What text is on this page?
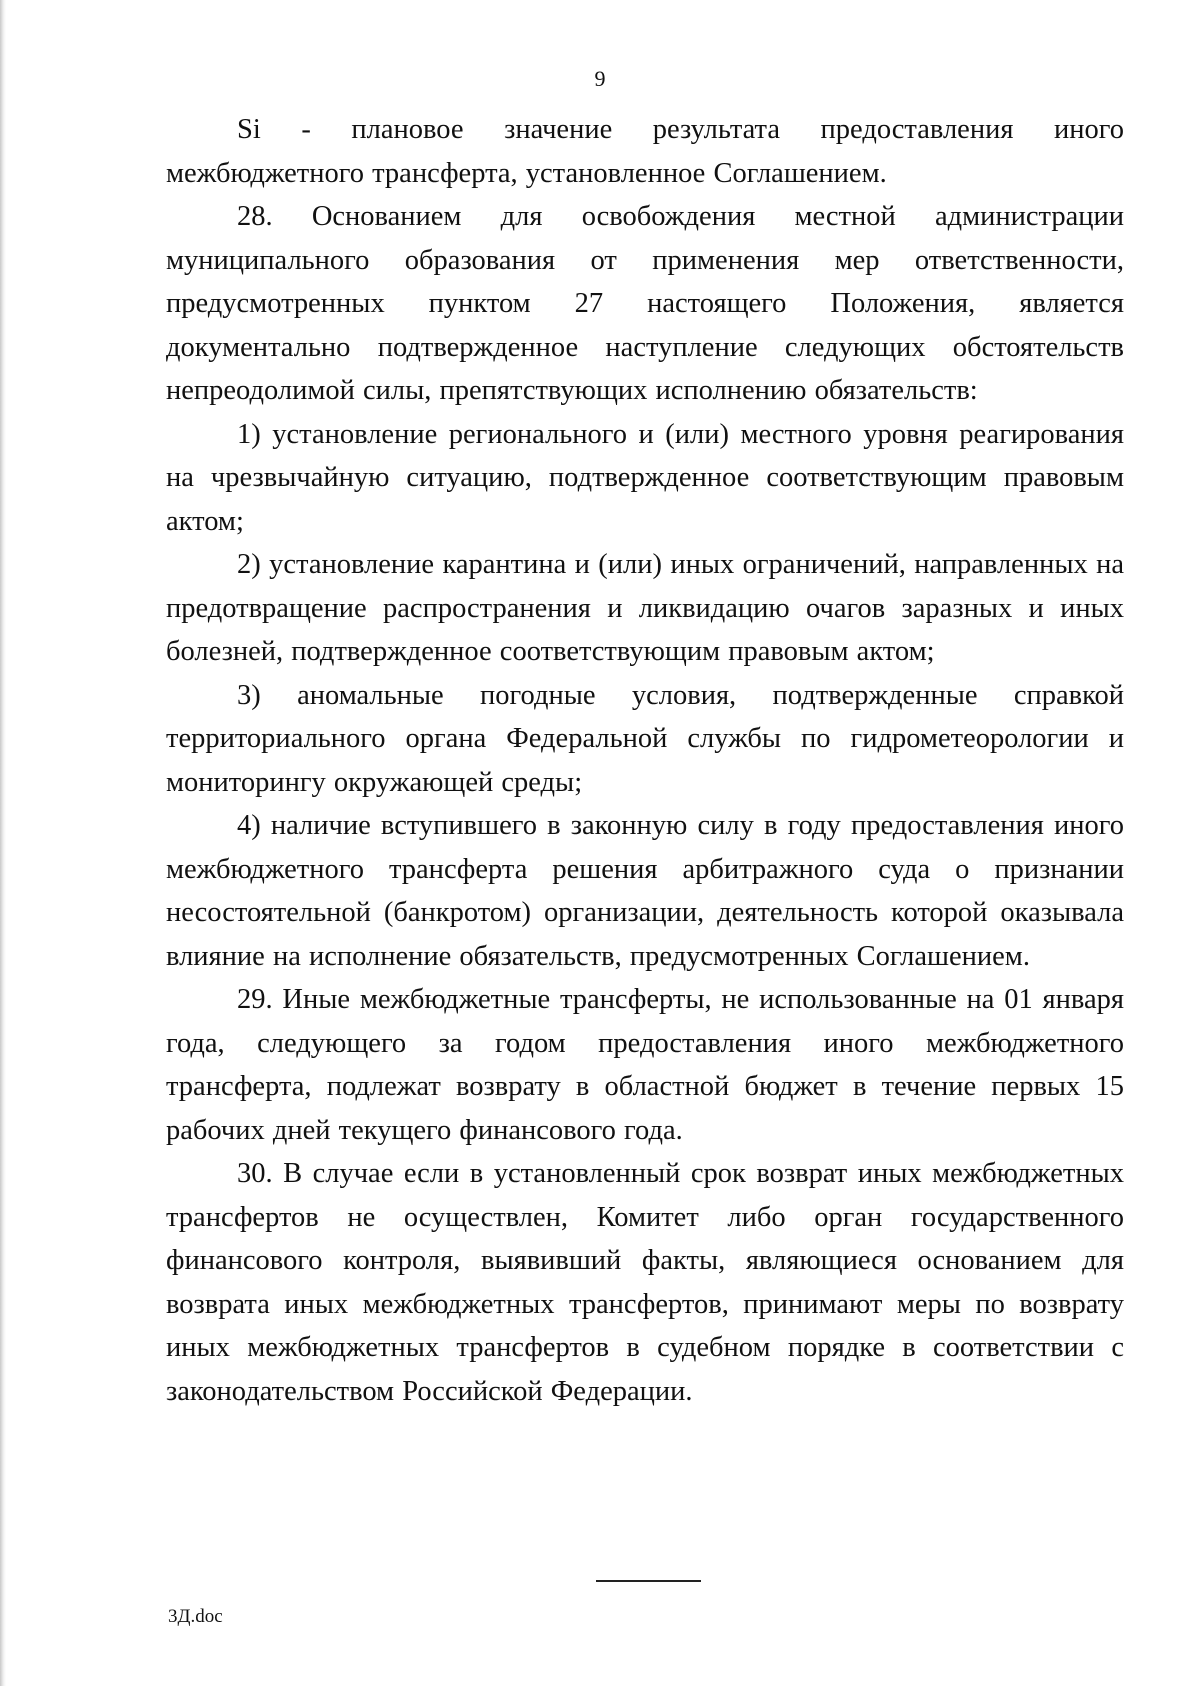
9

Si - плановое значение результата предоставления иного межбюджетного трансферта, установленное Соглашением.

28. Основанием для освобождения местной администрации муниципального образования от применения мер ответственности, предусмотренных пунктом 27 настоящего Положения, является документально подтвержденное наступление следующих обстоятельств непреодолимой силы, препятствующих исполнению обязательств:

1) установление регионального и (или) местного уровня реагирования на чрезвычайную ситуацию, подтвержденное соответствующим правовым актом;

2) установление карантина и (или) иных ограничений, направленных на предотвращение распространения и ликвидацию очагов заразных и иных болезней, подтвержденное соответствующим правовым актом;

3) аномальные погодные условия, подтвержденные справкой территориального органа Федеральной службы по гидрометеорологии и мониторингу окружающей среды;

4) наличие вступившего в законную силу в году предоставления иного межбюджетного трансферта решения арбитражного суда о признании несостоятельной (банкротом) организации, деятельность которой оказывала влияние на исполнение обязательств, предусмотренных Соглашением.

29. Иные межбюджетные трансферты, не использованные на 01 января года, следующего за годом предоставления иного межбюджетного трансферта, подлежат возврату в областной бюджет в течение первых 15 рабочих дней текущего финансового года.

30. В случае если в установленный срок возврат иных межбюджетных трансфертов не осуществлен, Комитет либо орган государственного финансового контроля, выявивший факты, являющиеся основанием для возврата иных межбюджетных трансфертов, принимают меры по возврату иных межбюджетных трансфертов в судебном порядке в соответствии с законодательством Российской Федерации.

3Д.doc
